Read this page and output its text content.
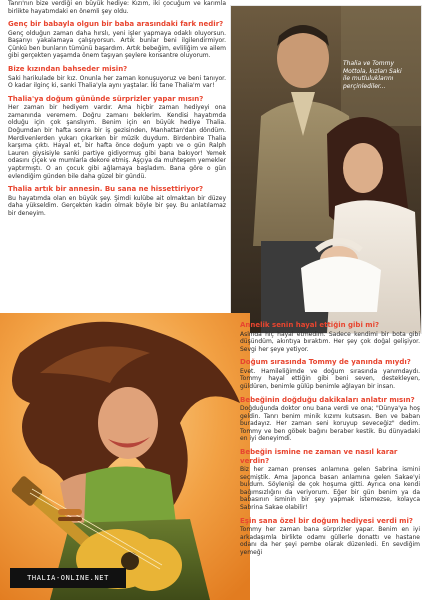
Tanrı'nın bize verdiği en büyük hediye: Kızım, iki çocuğum ve karımla birlikte hayatımdaki en önemli şey oldu.

Genç bir babayla olgun bir baba arasındaki fark nedir?

Genç olduğun zaman daha hırslı, yeni işler yapmaya odaklı oluyorsun. Başarıyı yakalamaya çalışıyorsun. Artık bunlar beni ilgilendirmiyor. Çünkü ben bunların tümünü başardım. Artık bebeğim, evliliğim ve ailem gibi gerçekten yaşamda önem taşıyan şeylere konsantre oluyorum.

Bize kızından bahseder misin?

Saki harikulade bir kız. Onunla her zaman konuşuyoruz ve beni tanıyor. O kadar ilginç ki, sanki Thalia'yla aynı yaştalar. İki tane Thalia'm var!

Thalia'ya doğum gününde sürprizler yapar mısın?

Her zaman bir hediyem vardır. Ama hiçbir zaman hediyeyi ona zamanında veremem. Doğru zamanı beklerim. Kendisi hayatımda olduğu için çok şanslıyım. Benim için en büyük hediye Thalia. Doğumdan bir hafta sonra bir iş gezisinden, Manhattan'dan döndüm. Merdivenlerden yukarı çıkarken bir müzik duydum. Birdenbire Thalia karşıma çıktı. Hayal et, bir hafta önce doğum yaptı ve o gün Ralph Lauren giysisiyle sanki partiye gidiyormuş gibi bana bakıyor! Yemek odasını çiçek ve mumlarla dekore etmiş. Aşçıya da muhteşem yemekler yaptırmıştı. O an çocuk gibi ağlamaya başladım. Bana göre o gün evlendiğim günden bile daha güzel bir gündü.

Thalia artık bir annesin. Bu sana ne hissettiriyor?

Bu hayatımda olan en büyük şey. Şimdi kulübe ait olmaktan bir düzey daha yükseldim. Gerçekten kadın olmak böyle bir şey. Bu anlatılamaz bir deneyim.

Thalia ve Tommy Mottola, kızları Saki ile mutluluklarını perçinlediler...
Annelik senin hayal ettiğin gibi mi?

Aslında hiç hayal etmedim. Sadece kendimi bir bota gibi düşündüm, akıntıya bıraktım. Her şey çok doğal gelişiyor. Sevgi her şeye yetiyor.

Doğum sırasında Tommy de yanında mıydı?

Evet. Hamileliğimde ve doğum sırasında yanımdaydı. Tommy hayal ettiğin gibi beni seven, destekleyen, güldüren, benimle gülüp benimle ağlayan bir insan.

Bebeğinin doğduğu dakikaları anlatır mısın?

Doğduğunda doktor onu bana verdi ve ona; "Dünya'ya hoş geldin. Tanrı benim minik kızımı kutsasın. Ben ve baban buradayız. Her zaman seni koruyup seveceğiz" dedim. Tommy ve ben göbek bağını beraber kestik. Bu dünyadaki en iyi deneyimdi.

Bebeğin ismine ne zaman ve nasıl karar verdin?

Biz her zaman prenses anlamına gelen Sabrina ismini seçmiştik. Ama Japonca basan anlamına gelen Sakae'yi buldum. Söylenişi de çok hoşuma gitti. Ayrıca ona kendi bağımsızlığını da veriyorum. Eğer bir gün benim ya da babasının isminin bir şey yapmak istemezse, kolayca Sabrina Sakae olabilir!

Eşin sana özel bir doğum hediyesi verdi mi?

Tommy her zaman bana sürprizler yapar. Benim en iyi arkadaşımla birlikte odamı güllerle donattı ve hastane odanı da her şeyi pembe olarak düzenledi. En sevdiğim yemeği

THALIA-ONLINE.NET
